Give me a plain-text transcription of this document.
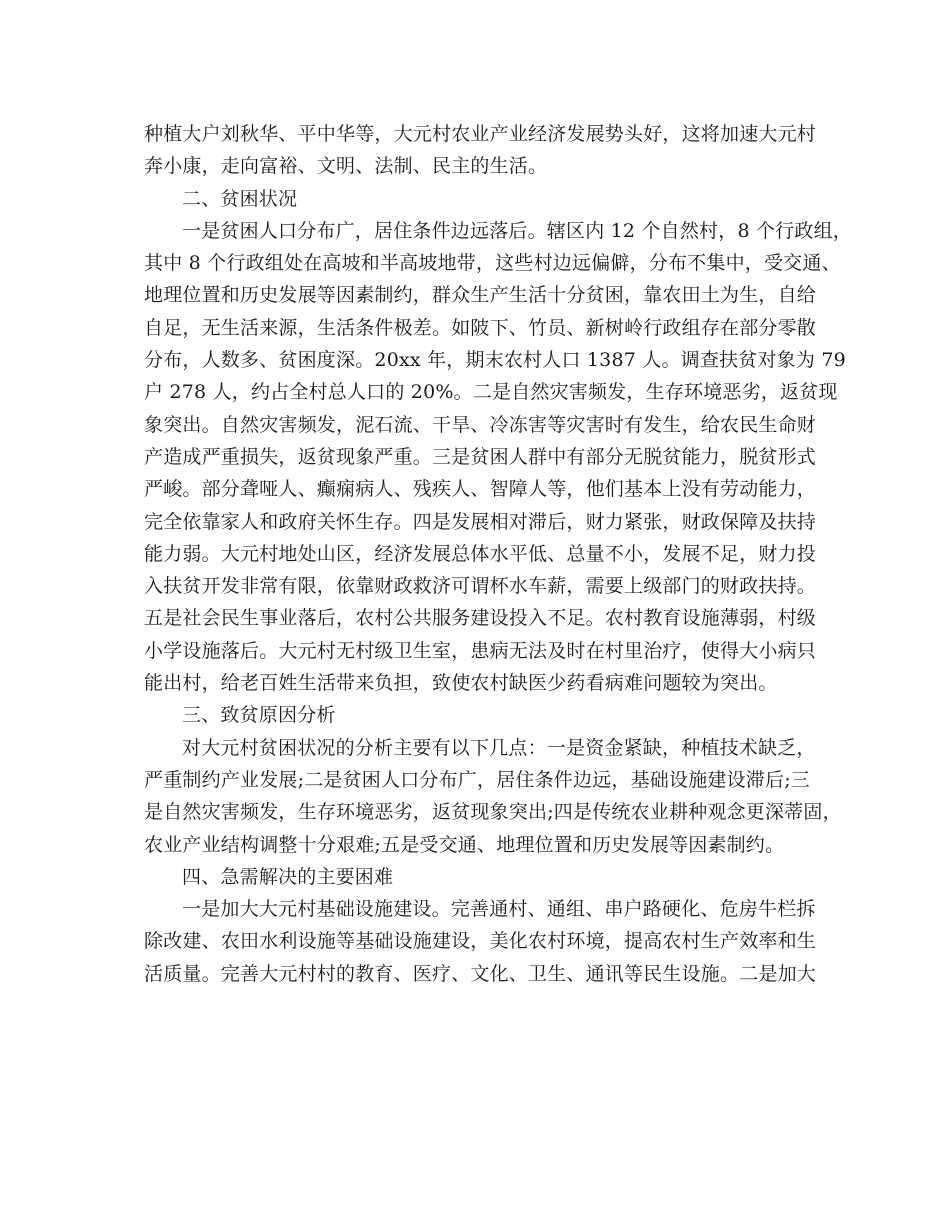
种植大户刘秋华、平中华等，大元村农业产业经济发展势头好，这将加速大元村
奔小康，走向富裕、文明、法制、民主的生活。
二、贫困状况
一是贫困人口分布广，居住条件边远落后。辖区内 12 个自然村，8 个行政组，
其中 8 个行政组处在高坡和半高坡地带，这些村边远偏僻，分布不集中，受交通、
地理位置和历史发展等因素制约，群众生产生活十分贫困，靠农田土为生，自给
自足，无生活来源，生活条件极差。如陂下、竹员、新树岭行政组存在部分零散
分布，人数多、贫困度深。20xx 年，期末农村人口 1387 人。调查扶贫对象为 79
户 278 人，约占全村总人口的 20%。二是自然灾害频发，生存环境恶劣，返贫现
象突出。自然灾害频发，泥石流、干旱、冷冻害等灾害时有发生，给农民生命财
产造成严重损失，返贫现象严重。三是贫困人群中有部分无脱贫能力，脱贫形式
严峻。部分聋哑人、癫痫病人、残疾人、智障人等，他们基本上没有劳动能力，
完全依靠家人和政府关怀生存。四是发展相对滞后，财力紧张，财政保障及扶持
能力弱。大元村地处山区，经济发展总体水平低、总量不小，发展不足，财力投
入扶贫开发非常有限，依靠财政救济可谓杯水车薪，需要上级部门的财政扶持。
五是社会民生事业落后，农村公共服务建设投入不足。农村教育设施薄弱，村级
小学设施落后。大元村无村级卫生室，患病无法及时在村里治疗，使得大小病只
能出村，给老百姓生活带来负担，致使农村缺医少药看病难问题较为突出。
三、致贫原因分析
对大元村贫困状况的分析主要有以下几点：一是资金紧缺，种植技术缺乏，
严重制约产业发展;二是贫困人口分布广，居住条件边远，基础设施建设滞后;三
是自然灾害频发，生存环境恶劣，返贫现象突出;四是传统农业耕种观念更深蒂固，
农业产业结构调整十分艰难;五是受交通、地理位置和历史发展等因素制约。
四、急需解决的主要困难
一是加大大元村基础设施建设。完善通村、通组、串户路硬化、危房牛栏拆
除改建、农田水利设施等基础设施建设，美化农村环境，提高农村生产效率和生
活质量。完善大元村村的教育、医疗、文化、卫生、通讯等民生设施。二是加大
